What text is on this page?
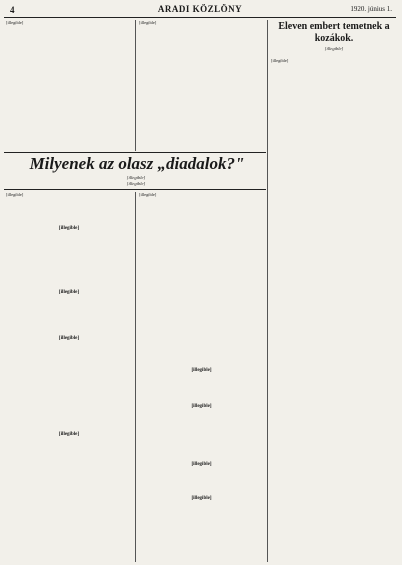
4	ARADI KÖZLÖNY	1920. június 1.
[illegible]	[illegible]
Milyenek az olasz „diadalok?"
[illegible]
[illegible]
[illegible]
[illegible]
[illegible]
[illegible]
[illegible]
[illegible]
[illegible]
[illegible]
[illegible]
[illegible]
Eleven embert temetnek a kozákok.
[illegible]
[illegible]
